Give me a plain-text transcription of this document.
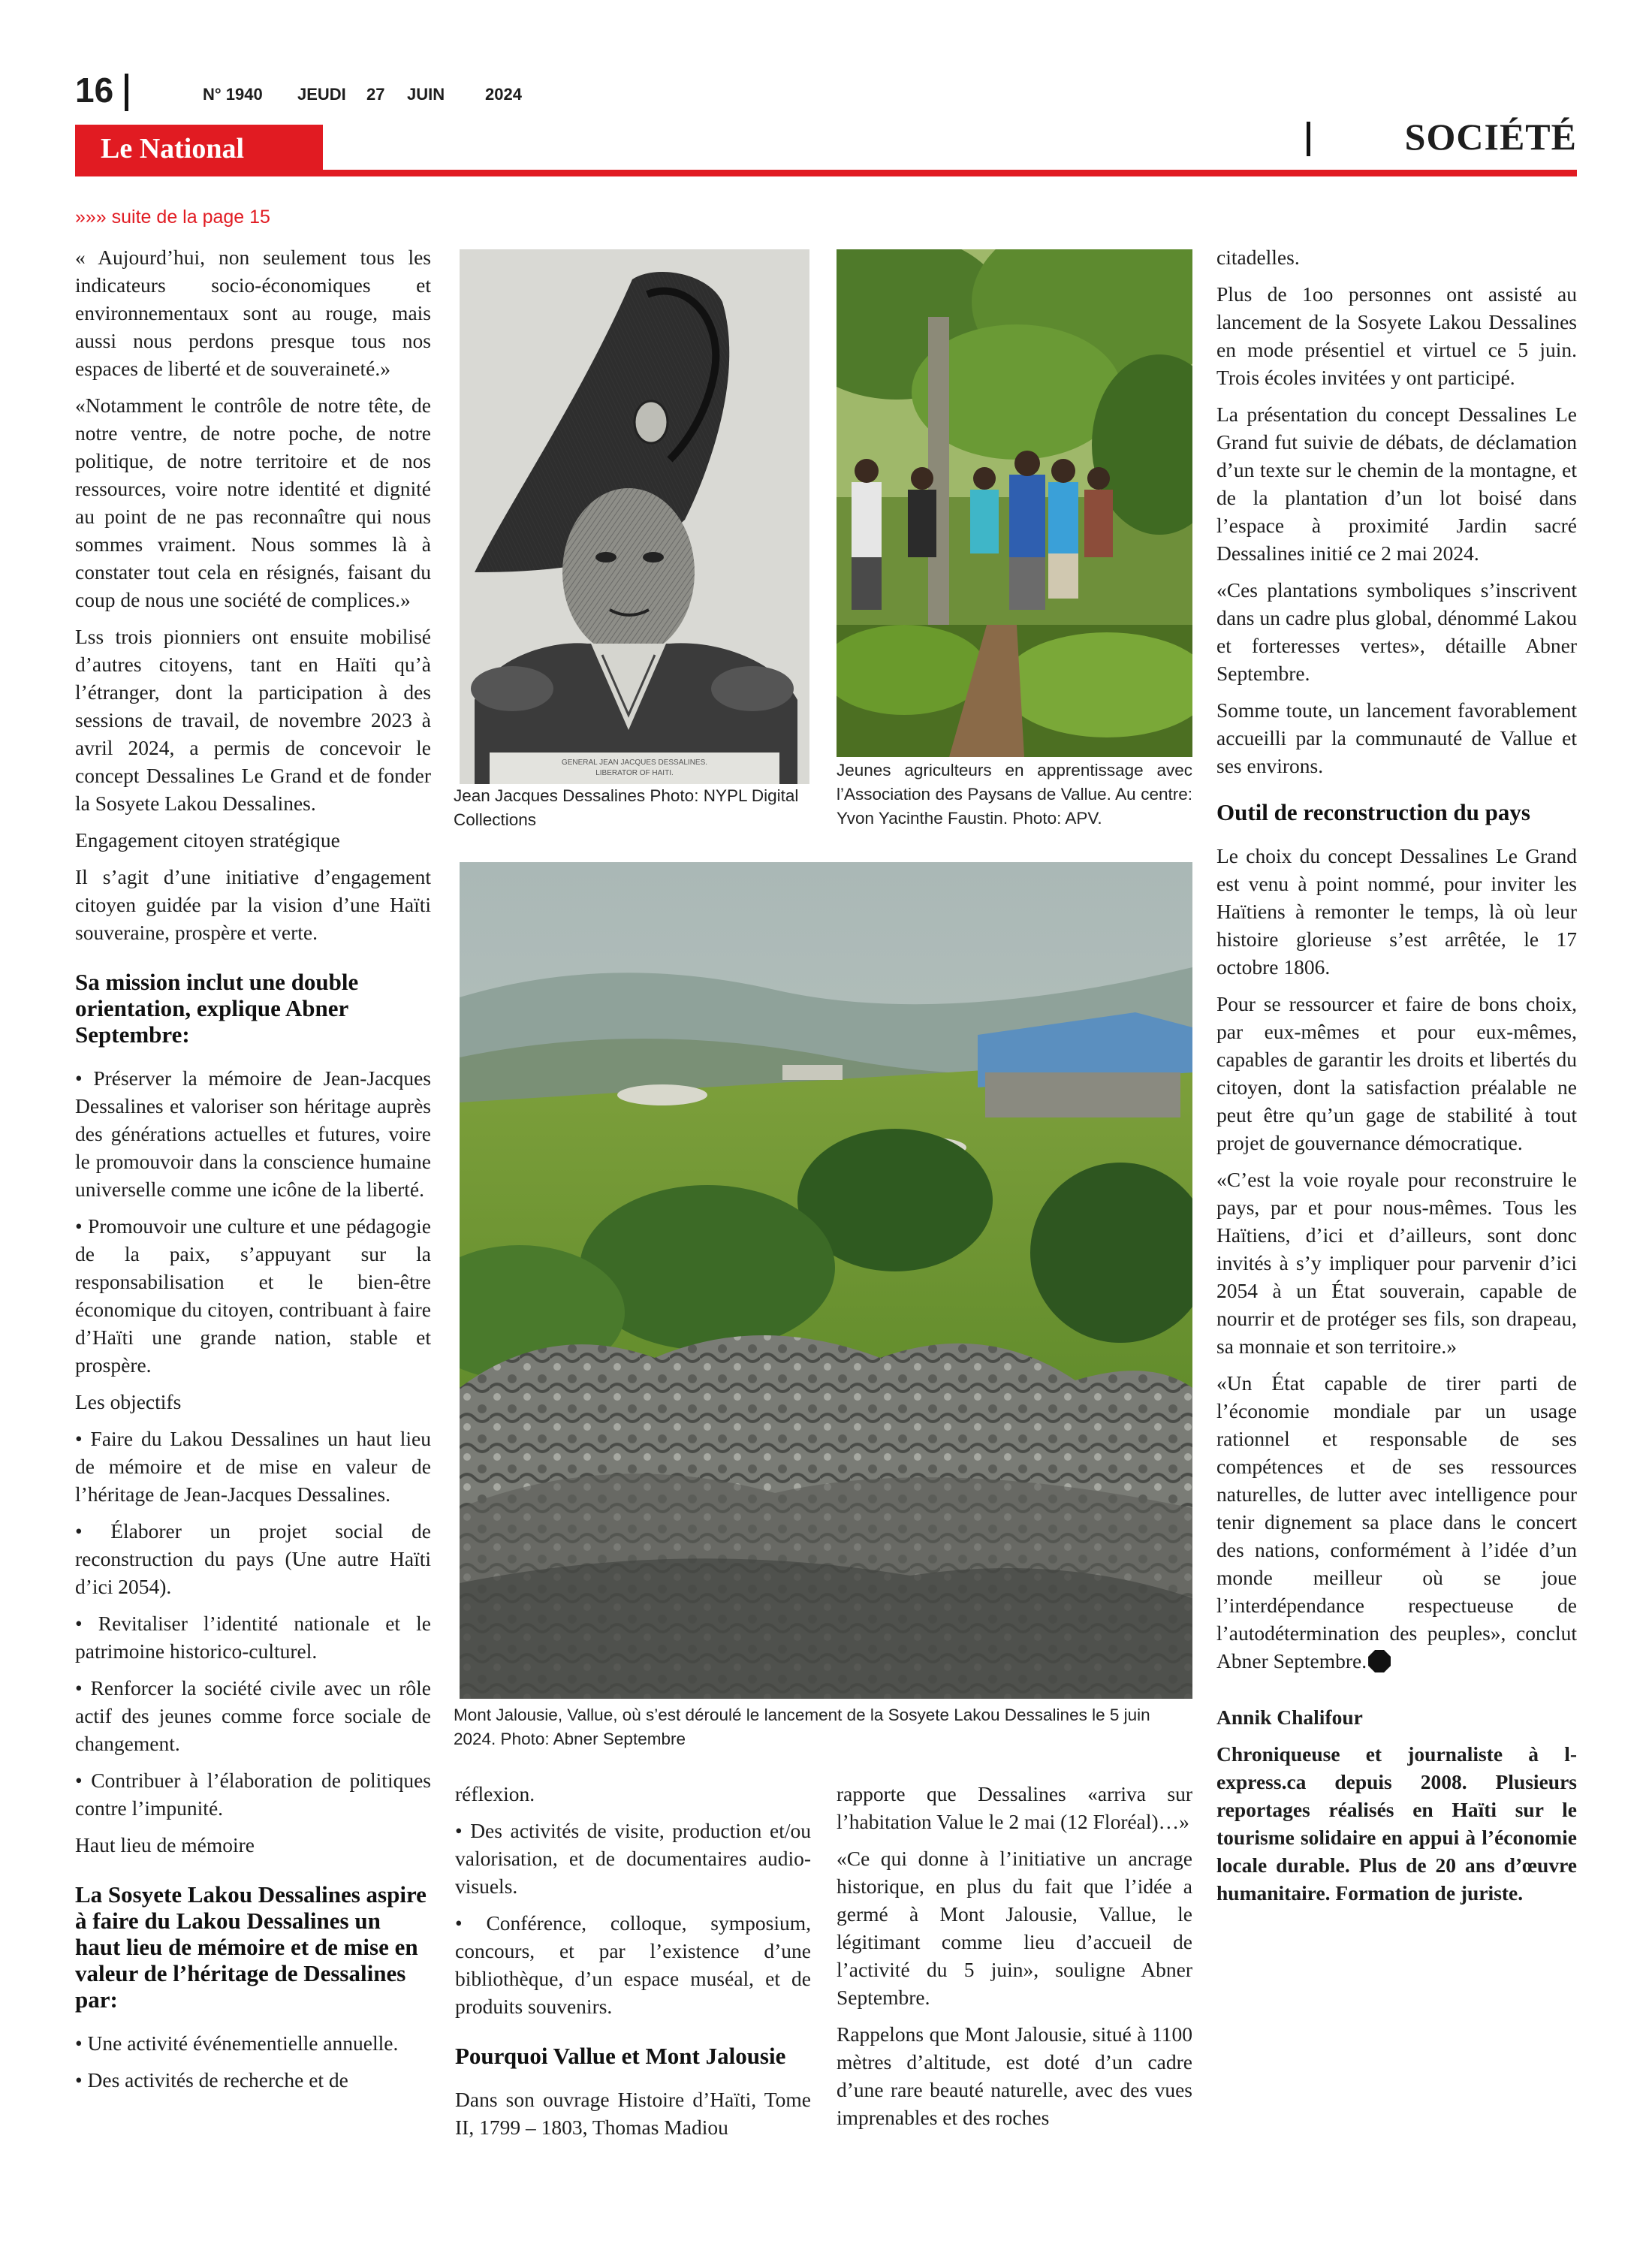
16	N° 1940 JEUDI 27 JUIN 2024
Le National	SOCIÉTÉ
»»» suite de la page 15

« Aujourd’hui, non seulement tous les indicateurs socio-économiques et environnementaux sont au rouge, mais aussi nous perdons presque tous nos espaces de liberté et de souveraineté.»

«Notamment le contrôle de notre tête, de notre ventre, de notre poche, de notre politique, de notre territoire et de nos ressources, voire notre identité et dignité au point de ne pas reconnaître qui nous sommes vraiment. Nous sommes là à constater tout cela en résignés, faisant du coup de nous une société de complices.»

Lss trois pionniers ont ensuite mobilisé d’autres citoyens, tant en Haïti qu’à l’étranger, dont la participation à des sessions de travail, de novembre 2023 à avril 2024, a permis de concevoir le concept Dessalines Le Grand et de fonder la Sosyete Lakou Dessalines.

Engagement citoyen stratégique

Il s’agit d’une initiative d’engagement citoyen guidée par la vision d’une Haïti souveraine, prospère et verte.

Sa mission inclut une double orientation, explique Abner Septembre:

• Préserver la mémoire de Jean-Jacques Dessalines et valoriser son héritage auprès des générations actuelles et futures, voire le promouvoir dans la conscience humaine universelle comme une icône de la liberté.

• Promouvoir une culture et une pédagogie de la paix, s’appuyant sur la responsabilisation et le bien-être économique du citoyen, contribuant à faire d’Haïti une grande nation, stable et prospère.

Les objectifs

• Faire du Lakou Dessalines un haut lieu de mémoire et de mise en valeur de l’héritage de Jean-Jacques Dessalines.

• Élaborer un projet social de reconstruction du pays (Une autre Haïti d’ici 2054).

• Revitaliser l’identité nationale et le patrimoine historico-culturel.

• Renforcer la société civile avec un rôle actif des jeunes comme force sociale de changement.

• Contribuer à l’élaboration de politiques contre l’impunité.

Haut lieu de mémoire

La Sosyete Lakou Dessalines aspire à faire du Lakou Dessalines un haut lieu de mémoire et de mise en valeur de l’héritage de Dessalines par:

• Une activité événementielle annuelle.

• Des activités de recherche et de

GENERAL JEAN JACQUES DESSALINES.
LIBERATOR OF HAITI.
Jean Jacques Dessalines Photo: NYPL Digital Collections
Jeunes agriculteurs en apprentissage avec l’Association des Paysans de Vallue. Au centre: Yvon Yacinthe Faustin. Photo: APV.
Mont Jalousie, Vallue, où s’est déroulé le lancement de la Sosyete Lakou Dessalines le 5 juin 2024. Photo: Abner Septembre

réflexion.

• Des activités de visite, production et/ou valorisation, et de documentaires audio-visuels.

• Conférence, colloque, symposium, concours, et par l’existence d’une bibliothèque, d’un espace muséal, et de produits souvenirs.

Pourquoi Vallue et Mont Jalousie

Dans son ouvrage Histoire d’Haïti, Tome II, 1799 – 1803, Thomas Madiou

rapporte que Dessalines «arriva sur l’habitation Value le 2 mai (12 Floréal)…»

«Ce qui donne à l’initiative un ancrage historique, en plus du fait que l’idée a germé à Mont Jalousie, Vallue, le légitimant comme lieu d’accueil de l’activité du 5 juin», souligne Abner Septembre.

Rappelons que Mont Jalousie, situé à 1100 mètres d’altitude, est doté d’un cadre d’une rare beauté naturelle, avec des vues imprenables et des roches

citadelles.

Plus de 1oo personnes ont assisté au lancement de la Sosyete Lakou Dessalines en mode présentiel et virtuel ce 5 juin. Trois écoles invitées y ont participé.

La présentation du concept Dessalines Le Grand fut suivie de débats, de déclamation d’un texte sur le chemin de la montagne, et de la plantation d’un lot boisé dans l’espace à proximité Jardin sacré Dessalines initié ce 2 mai 2024.

«Ces plantations symboliques s’inscrivent dans un cadre plus global, dénommé Lakou et forteresses vertes», détaille Abner Septembre.

Somme toute, un lancement favorablement accueilli par la communauté de Vallue et ses environs.

Outil de reconstruction du pays

Le choix du concept Dessalines Le Grand est venu à point nommé, pour inviter les Haïtiens à remonter le temps, là où leur histoire glorieuse s’est arrêtée, le 17 octobre 1806.

Pour se ressourcer et faire de bons choix, par eux-mêmes et pour eux-mêmes, capables de garantir les droits et libertés du citoyen, dont la satisfaction préalable ne peut être qu’un gage de stabilité à tout projet de gouvernance démocratique.

«C’est la voie royale pour reconstruire le pays, par et pour nous-mêmes. Tous les Haïtiens, d’ici et d’ailleurs, sont donc invités à s’y impliquer pour parvenir d’ici 2054 à un État souverain, capable de nourrir et de protéger ses fils, son drapeau, sa monnaie et son territoire.»

«Un État capable de tirer parti de l’économie mondiale par un usage rationnel et responsable de ses compétences et de ses ressources naturelles, de lutter avec intelligence pour tenir dignement sa place dans le concert des nations, conformément à l’idée d’un monde meilleur où se joue l’interdépendance respectueuse de l’autodétermination des peuples», conclut Abner Septembre.

Annik Chalifour

Chroniqueuse et journaliste à l-express.ca depuis 2008. Plusieurs reportages réalisés en Haïti sur le tourisme solidaire en appui à l’économie locale durable. Plus de 20 ans d’œuvre humanitaire. Formation de juriste.
